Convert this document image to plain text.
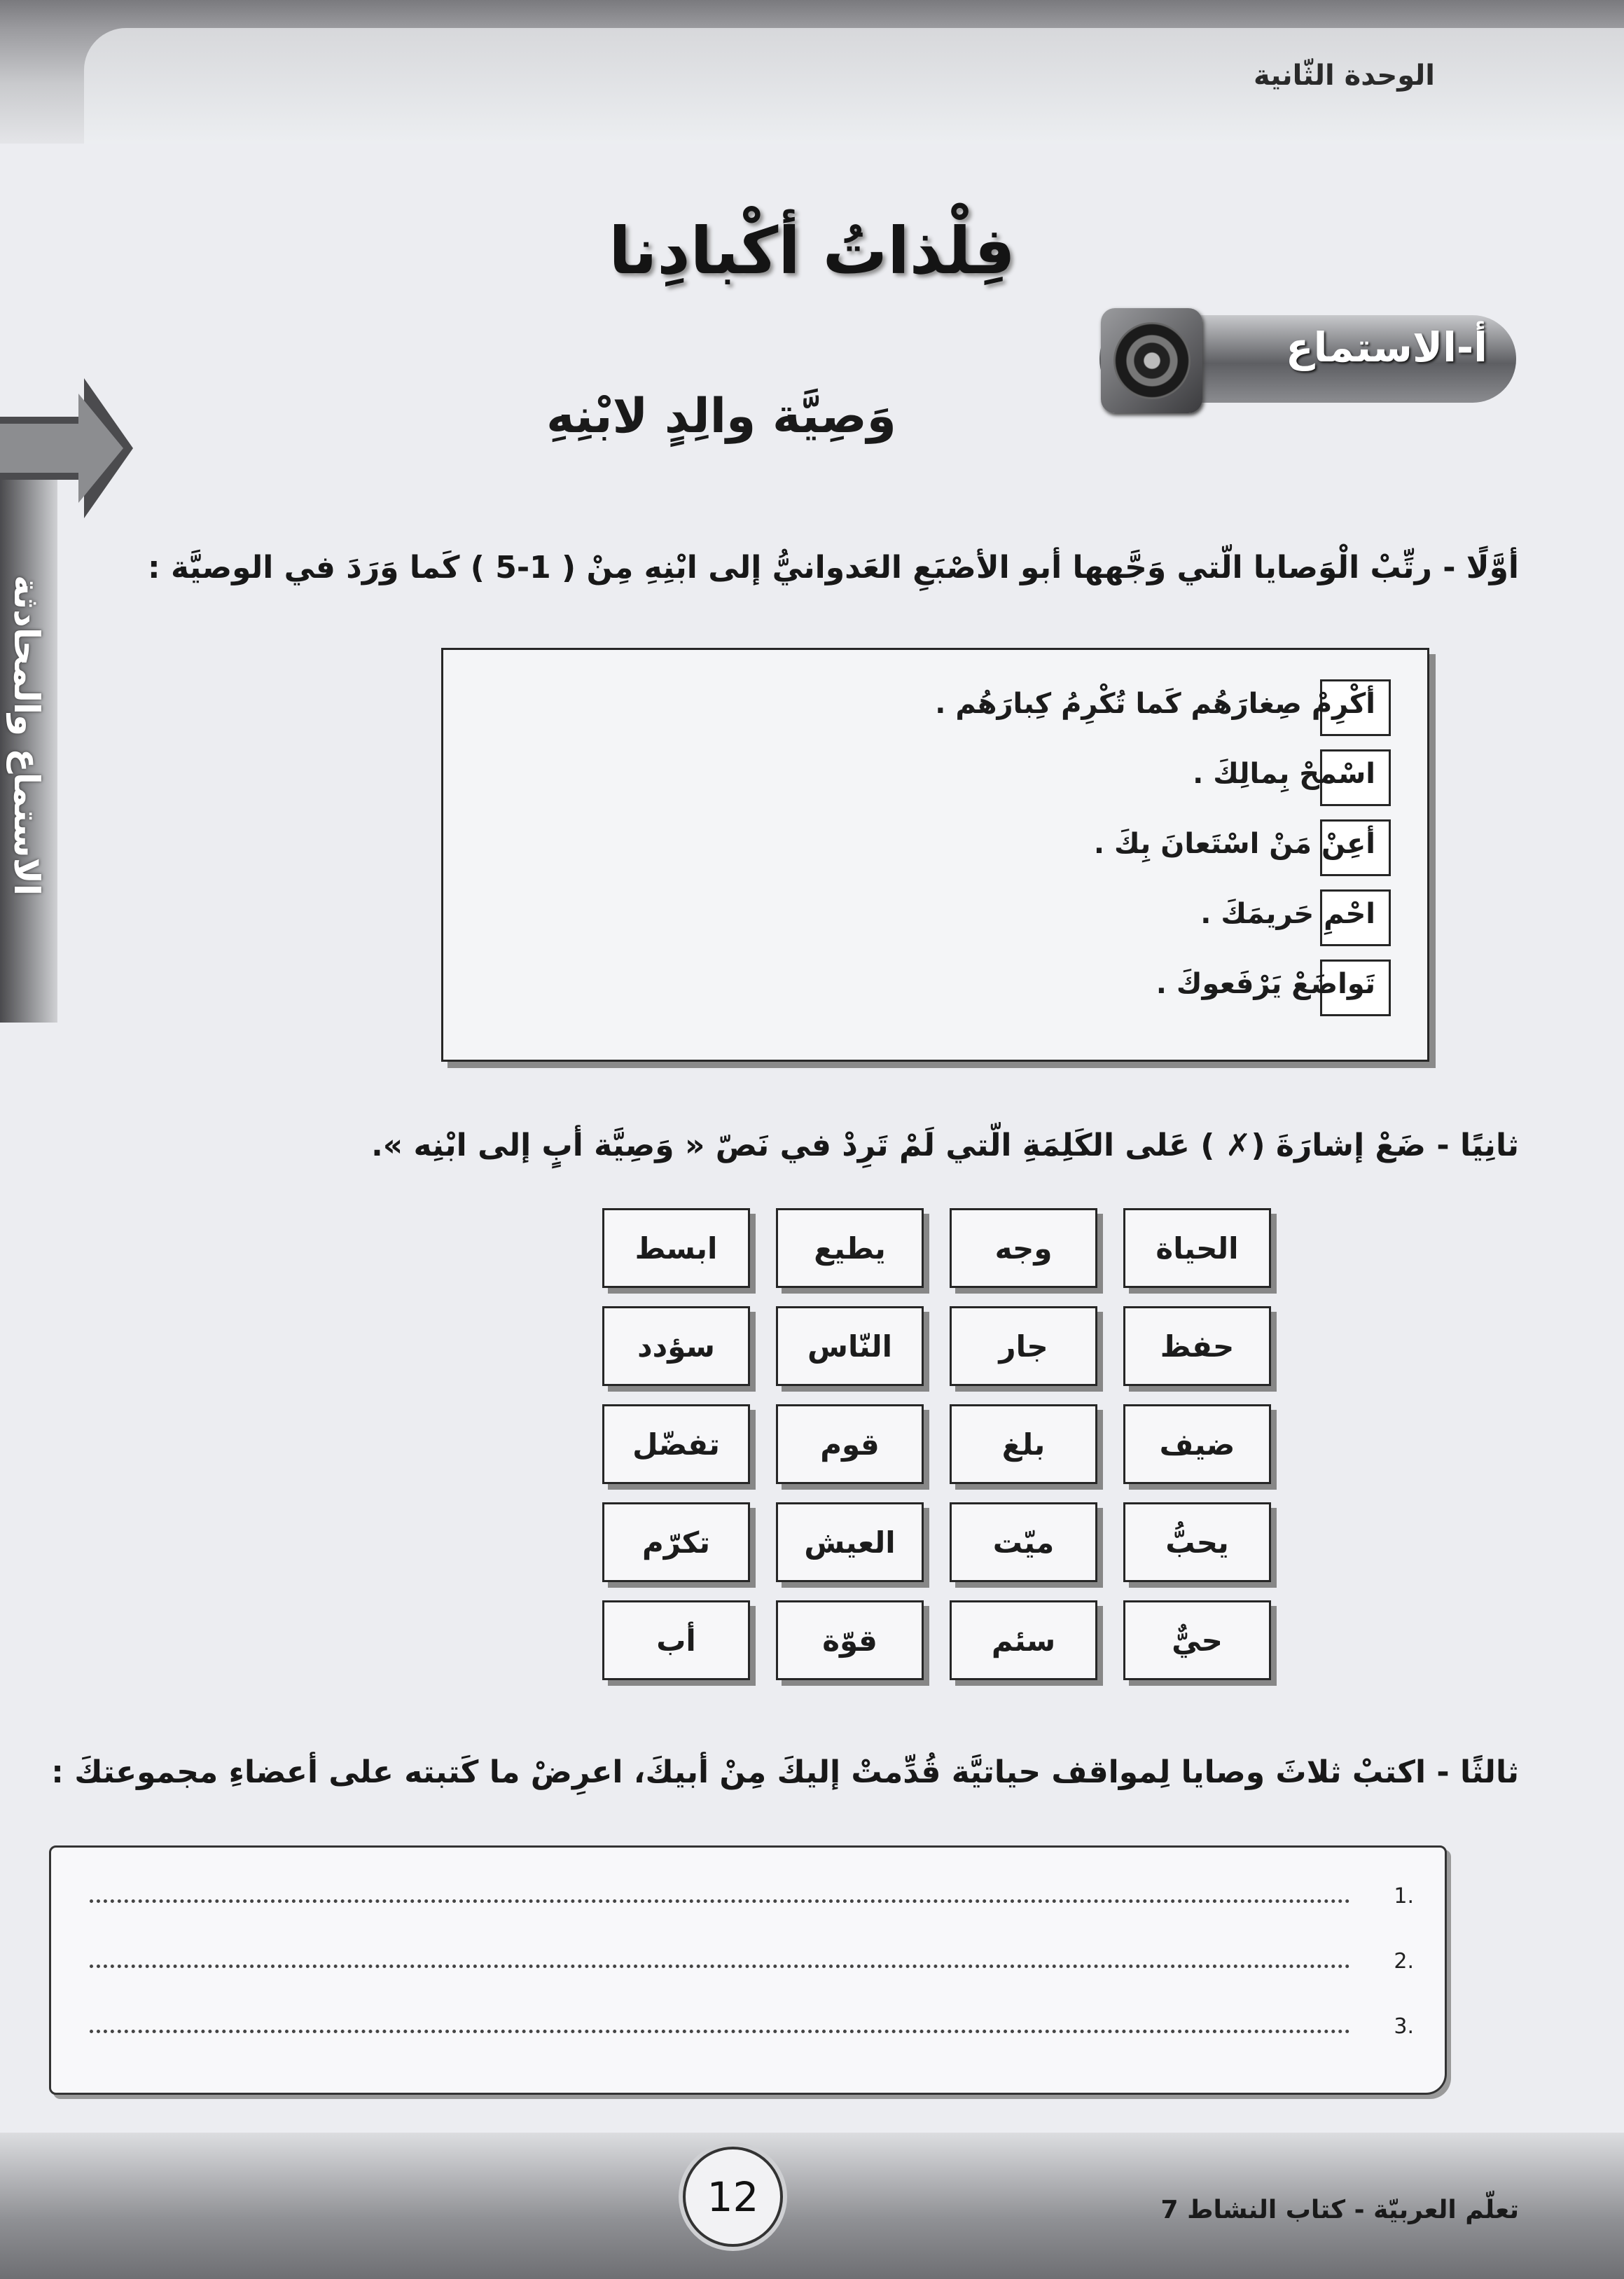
الوحدة الثّانية
الاستماع والمحادثة
فِلْذاتُ أكْبادِنا
أ-الاستماع
وَصِيَّة والِدٍ لابْنِهِ
أوَّلًا - رتِّبْ الْوَصايا الّتي وَجَّهها أبو الأصْبَعِ العَدوانيُّ إلى ابْنِهِ مِنْ ( 1-5 ) كَما وَرَدَ في الوصيَّة :
أكْرِمْ صِغارَهُم كَما تُكْرِمُ كِبارَهُم .
اسْمحْ بِمالِكَ .
أعِنْ مَنْ اسْتَعانَ بِكَ .
احْمِ حَريمَكَ .
تَواضَعْ يَرْفَعوكَ .
ثانِيًا - ضَعْ إشارَةَ (✗ ) عَلى الكَلِمَةِ الّتي لَمْ تَرِدْ في نَصّ « وَصِيَّة أبٍ إلى ابْنِه ».
الحياة
وجه
يطيع
ابسط
حفظ
جار
النّاس
سؤدد
ضيف
بلغ
قوم
تفضّل
يحبُّ
ميّت
العيش
تكرّم
حيٌّ
سئم
قوّة
أب
ثالثًا - اكتبْ ثلاثَ وصايا لِمواقف حياتيَّة قُدِّمتْ إليكَ مِنْ أبيكَ، اعرِضْ ما كَتبته على أعضاءِ مجموعتكَ :
1.
2.
3.
12	تعلّم العربيّة - كتاب النشاط 7
